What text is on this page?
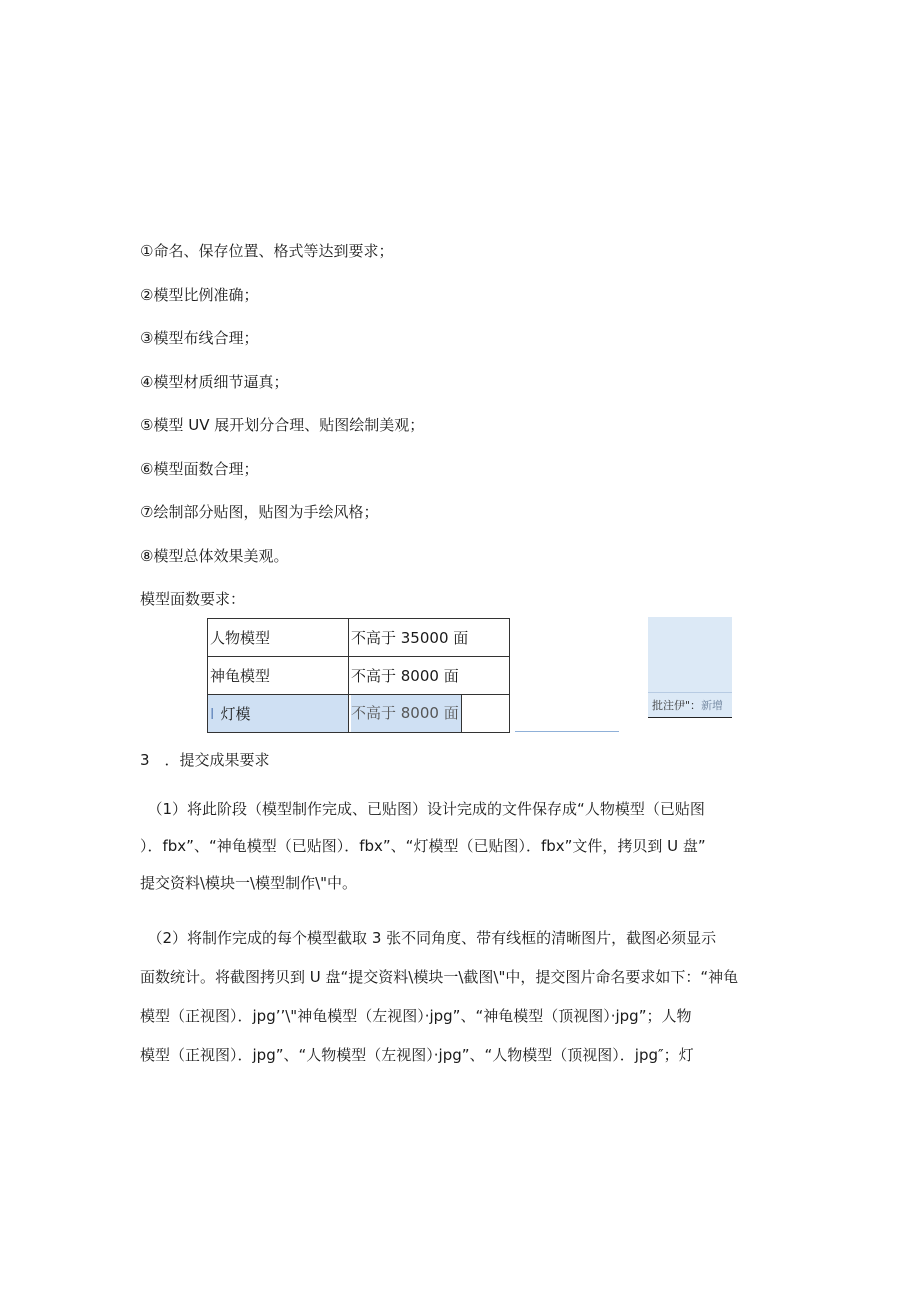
①命名、保存位置、格式等达到要求；
②模型比例准确；
③模型布线合理；
④模型材质细节逼真；
⑤模型 UV 展开划分合理、贴图绘制美观；
⑥模型面数合理；
⑦绘制部分贴图，贴图为手绘风格；
⑧模型总体效果美观。
模型面数要求：
人物模型	不高于 35000 面
神龟模型	不高于 8000 面
I 灯模	不高于 8000 面	批注伊"：新增
3　．提交成果要求
　（1）将此阶段（模型制作完成、已贴图）设计完成的文件保存成“人物模型（已贴图
）．fbx”、“神龟模型（已贴图）．fbx”、“灯模型（已贴图）．fbx”文件，拷贝到 U 盘”
提交资料\模块一\模型制作\"中。
　（2）将制作完成的每个模型截取 3 张不同角度、带有线框的清晰图片，截图必须显示
面数统计。将截图拷贝到 U 盘“提交资料\模块一\截图\"中，提交图片命名要求如下：“神龟
模型（正视图）．jpg’’\"神龟模型（左视图）·jpg”、“神龟模型（顶视图）·jpg”；人物
模型（正视图）．jpg”、“人物模型（左视图）·jpg”、“人物模型（顶视图）．jpg″；灯
